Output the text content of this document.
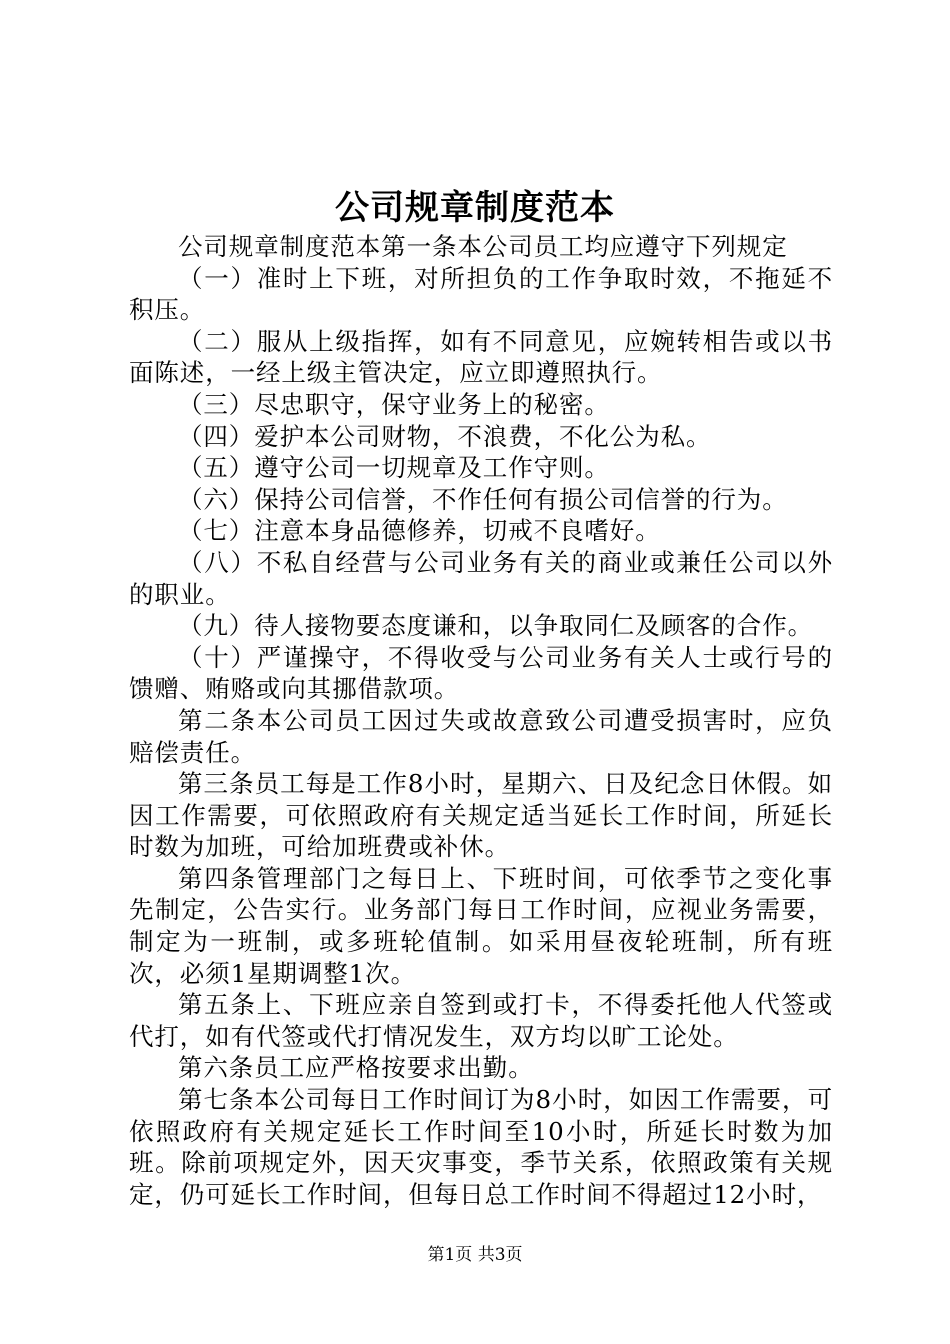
公司规章制度范本

公司规章制度范本第一条本公司员工均应遵守下列规定

（一）准时上下班，对所担负的工作争取时效，不拖延不积压。

（二）服从上级指挥，如有不同意见，应婉转相告或以书面陈述，一经上级主管决定，应立即遵照执行。

（三）尽忠职守，保守业务上的秘密。

（四）爱护本公司财物，不浪费，不化公为私。

（五）遵守公司一切规章及工作守则。

（六）保持公司信誉，不作任何有损公司信誉的行为。

（七）注意本身品德修养，切戒不良嗜好。

（八）不私自经营与公司业务有关的商业或兼任公司以外的职业。

（九）待人接物要态度谦和，以争取同仁及顾客的合作。

（十）严谨操守，不得收受与公司业务有关人士或行号的馈赠、贿赂或向其挪借款项。

第二条本公司员工因过失或故意致公司遭受损害时，应负赔偿责任。

第三条员工每是工作8小时，星期六、日及纪念日休假。如因工作需要，可依照政府有关规定适当延长工作时间，所延长时数为加班，可给加班费或补休。

第四条管理部门之每日上、下班时间，可依季节之变化事先制定，公告实行。业务部门每日工作时间，应视业务需要，制定为一班制，或多班轮值制。如采用昼夜轮班制，所有班次，必须1星期调整1次。

第五条上、下班应亲自签到或打卡，不得委托他人代签或代打，如有代签或代打情况发生，双方均以旷工论处。

第六条员工应严格按要求出勤。

第七条本公司每日工作时间订为8小时，如因工作需要，可依照政府有关规定延长工作时间至10小时，所延长时数为加班。除前项规定外，因天灾事变，季节关系，依照政策有关规定，仍可延长工作时间，但每日总工作时间不得超过12小时，

第1页 共3页
